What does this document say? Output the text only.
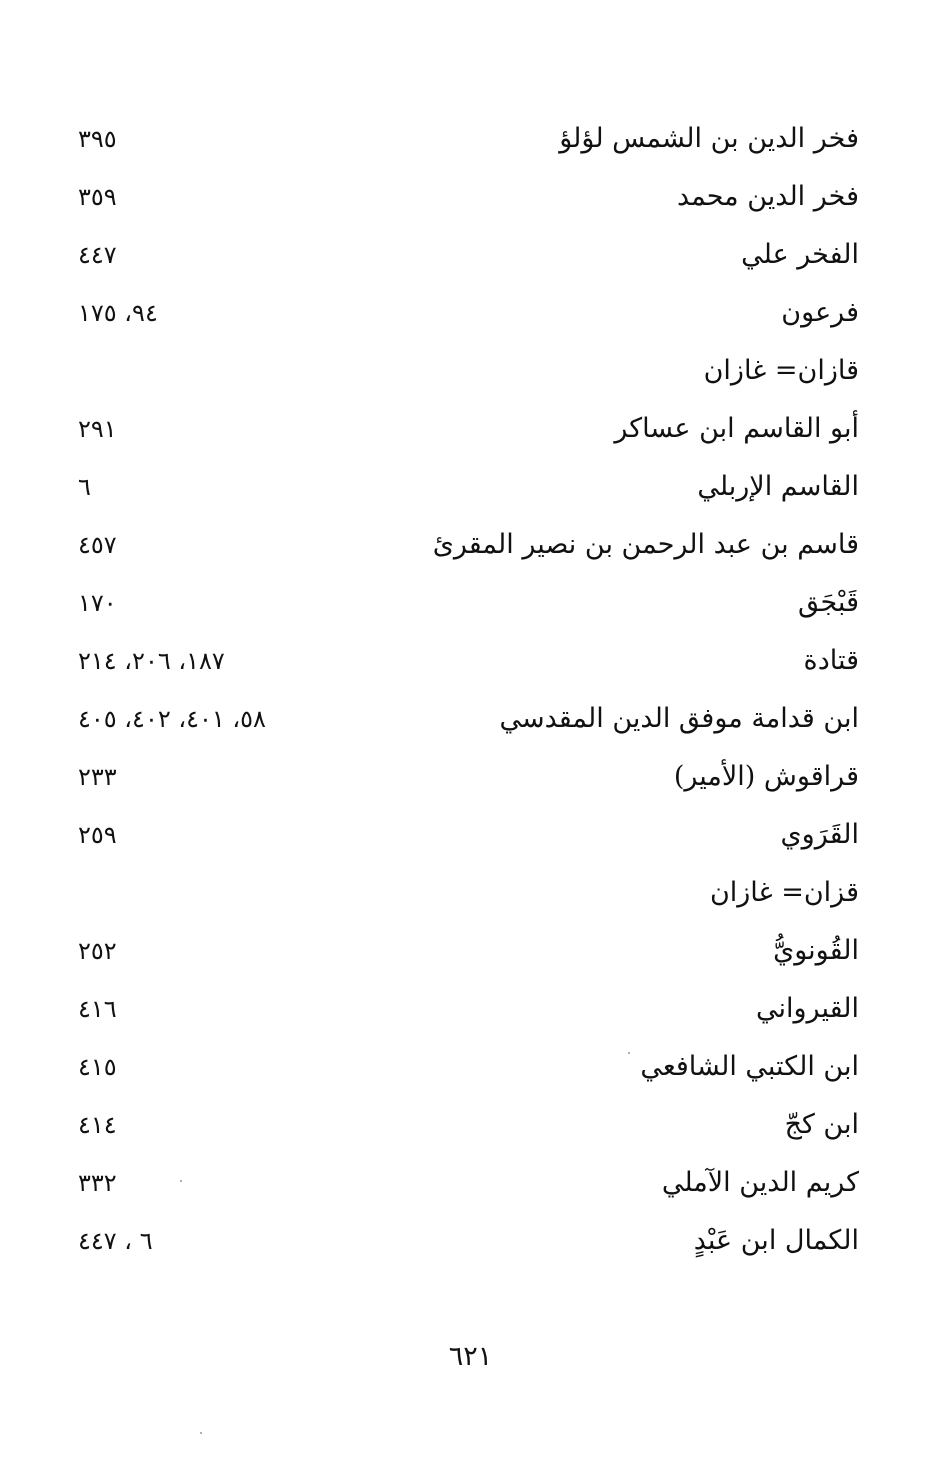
فخر الدين بن الشمس لؤلؤ
٣٩٥
فخر الدين محمد
٣٥٩
الفخر علي
٤٤٧
فرعون
٩٤، ١٧٥
قازان= غازان
أبو القاسم ابن عساكر
٢٩١
القاسم الإربلي
٦
قاسم بن عبد الرحمن بن نصير المقرئ
٤٥٧
قَبْجَق
١٧٠
قتادة
١٨٧، ٢٠٦، ٢١٤
ابن قدامة موفق الدين المقدسي
٥٨، ٤٠١، ٤٠٢، ٤٠٥
قراقوش (الأمير)
٢٣٣
القَرَوي
٢٥٩
قزان= غازان
القُونويُّ
٢٥٢
القيرواني
٤١٦
ابن الكتبي الشافعي
٤١٥
ابن كجّ
٤١٤
كريم الدين الآملي
٣٣٢
الكمال ابن عَبْدٍ
٦ ، ٤٤٧
٦٢١
